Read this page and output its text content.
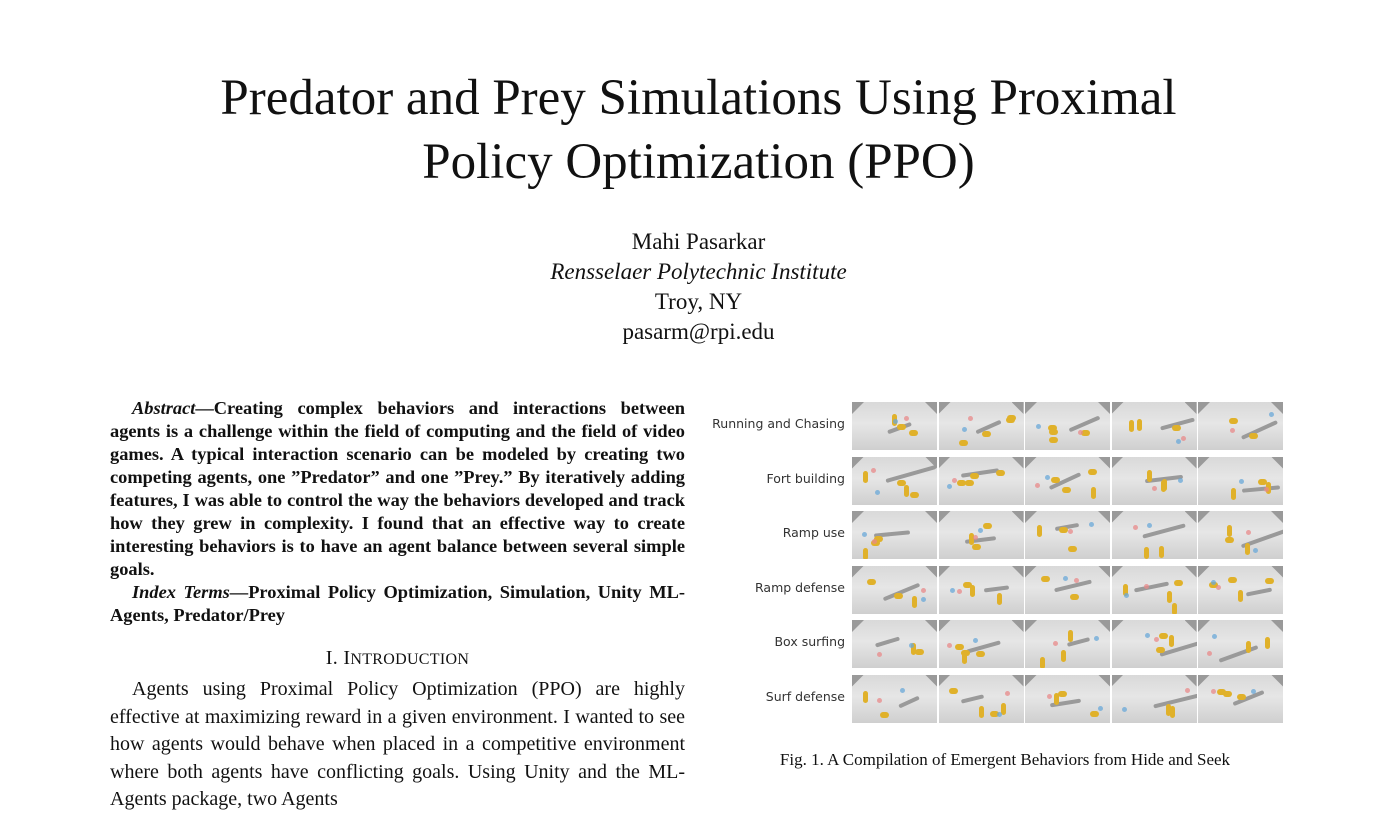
Predator and Prey Simulations Using Proximal
Policy Optimization (PPO)
Mahi Pasarkar
Rensselaer Polytechnic Institute
Troy, NY
pasarm@rpi.edu

Abstract—Creating complex behaviors and interactions between agents is a challenge within the field of computing and the field of video games. A typical interaction scenario can be modeled by creating two competing agents, one ”Predator” and one ”Prey.” By iteratively adding features, I was able to control the way the behaviors developed and track how they grew in complexity. I found that an effective way to create interesting behaviors is to have an agent balance between several simple goals.

Index Terms—Proximal Policy Optimization, Simulation, Unity ML-Agents, Predator/Prey

I. INTRODUCTION

Agents using Proximal Policy Optimization (PPO) are highly effective at maximizing reward in a given environment. I wanted to see how agents would behave when placed in a competitive environment where both agents have conflicting goals. Using Unity and the ML-Agents package, two Agents

Running and Chasing
Fort building
Ramp use
Ramp defense
Box surfing
Surf defense
Fig. 1. A Compilation of Emergent Behaviors from Hide and Seek
